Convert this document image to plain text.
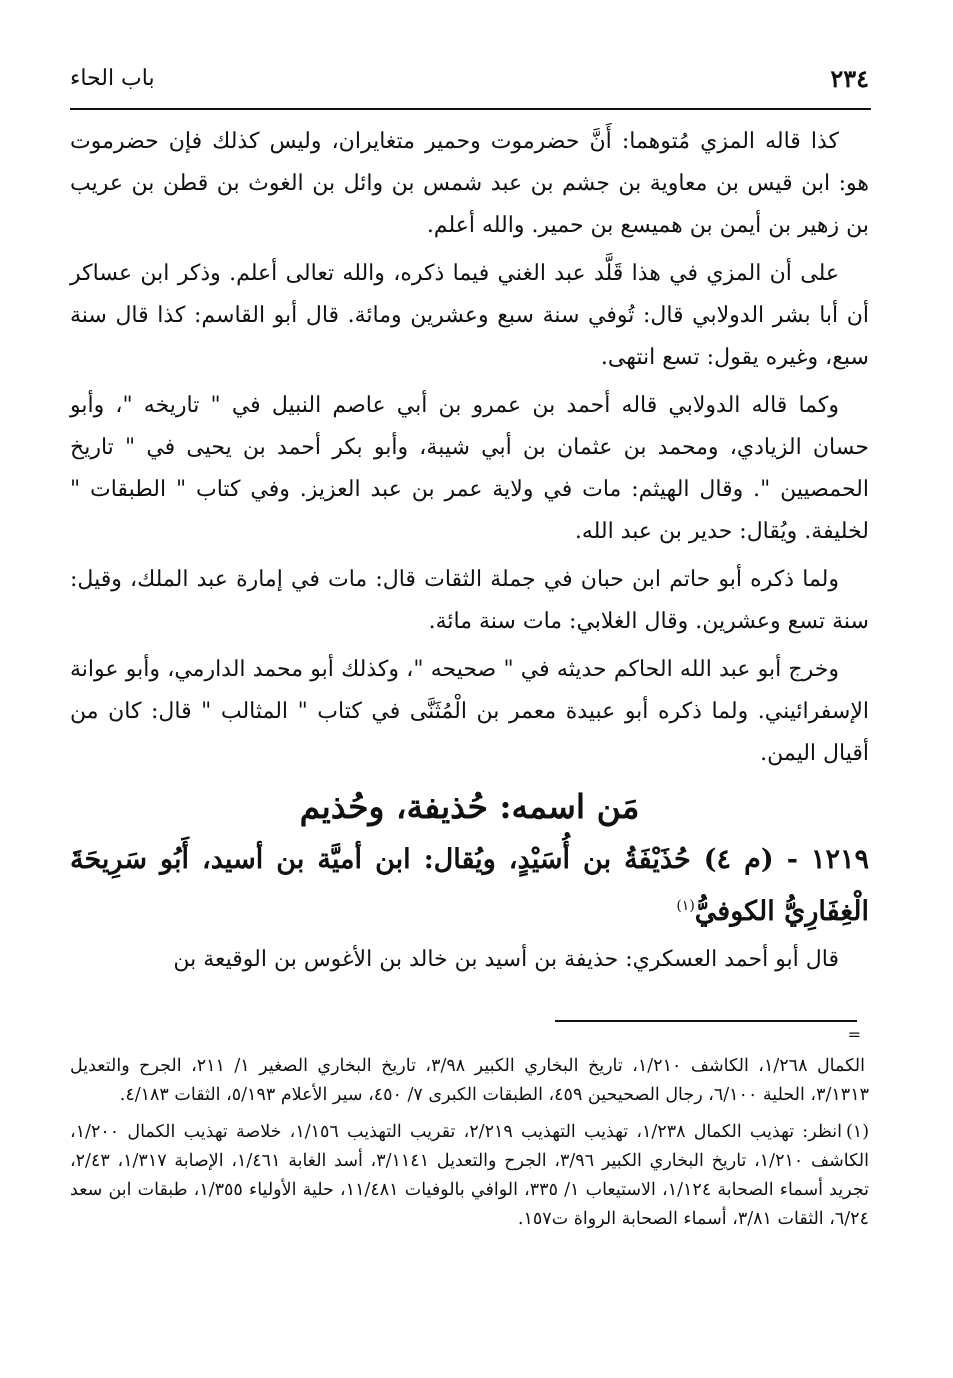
٢٣٤
باب الحاء

كذا قاله المزي مُتوهما: أَنَّ حضرموت وحمير متغايران، وليس كذلك فإن حضرموت هو: ابن قيس بن معاوية بن جشم بن عبد شمس بن وائل بن الغوث بن قطن بن عريب بن زهير بن أيمن بن هميسع بن حمير. والله أعلم.

على أن المزي في هذا قَلَّد عبد الغني فيما ذكره، والله تعالى أعلم. وذكر ابن عساكر أن أبا بشر الدولابي قال: تُوفي سنة سبع وعشرين ومائة. قال أبو القاسم: كذا قال سنة سبع، وغيره يقول: تسع انتهى.

وكما قاله الدولابي قاله أحمد بن عمرو بن أبي عاصم النبيل في " تاريخه "، وأبو حسان الزيادي، ومحمد بن عثمان بن أبي شيبة، وأبو بكر أحمد بن يحيى في " تاريخ الحمصيين ". وقال الهيثم: مات في ولاية عمر بن عبد العزيز. وفي كتاب " الطبقات " لخليفة. ويُقال: حدير بن عبد الله.

ولما ذكره أبو حاتم ابن حبان في جملة الثقات قال: مات في إمارة عبد الملك، وقيل: سنة تسع وعشرين. وقال الغلابي: مات سنة مائة.

وخرج أبو عبد الله الحاكم حديثه في " صحيحه "، وكذلك أبو محمد الدارمي، وأبو عوانة الإسفرائيني. ولما ذكره أبو عبيدة معمر بن الْمُثَنَّى في كتاب " المثالب " قال: كان من أقيال اليمن.

مَن اسمه: حُذيفة، وحُذيم
١٢١٩ - (م ٤) حُذَيْفَةُ بن أُسَيْدٍ، ويُقال: ابن أميَّة بن أسيد، أَبُو سَرِيحَةَ الْغِفَارِيُّ الكوفيُّ$^{(١)}$

قال أبو أحمد العسكري: حذيفة بن أسيد بن خالد بن الأغوس بن الوقيعة بن

=

الكمال ١/٢٦٨، الكاشف ١/٢١٠، تاريخ البخاري الكبير ٣/٩٨، تاريخ البخاري الصغير ١/ ٢١١، الجرح والتعديل ٣/١٣١٣، الحلية ٦/١٠٠، رجال الصحيحين ٤٥٩، الطبقات الكبرى ٧/ ٤٥٠، سير الأعلام ٥/١٩٣، الثقات ٤/١٨٣.

(١)انظر: تهذيب الكمال ١/٢٣٨، تهذيب التهذيب ٢/٢١٩، تقريب التهذيب ١/١٥٦، خلاصة تهذيب الكمال ١/٢٠٠، الكاشف ١/٢١٠، تاريخ البخاري الكبير ٣/٩٦، الجرح والتعديل ٣/١١٤١، أسد الغابة ١/٤٦١، الإصابة ١/٣١٧، ٢/٤٣، تجريد أسماء الصحابة ١/١٢٤، الاستيعاب ١/ ٣٣٥، الوافي بالوفيات ١١/٤٨١، حلية الأولياء ١/٣٥٥، طبقات ابن سعد ٦/٢٤، الثقات ٣/٨١، أسماء الصحابة الرواة ت١٥٧.
